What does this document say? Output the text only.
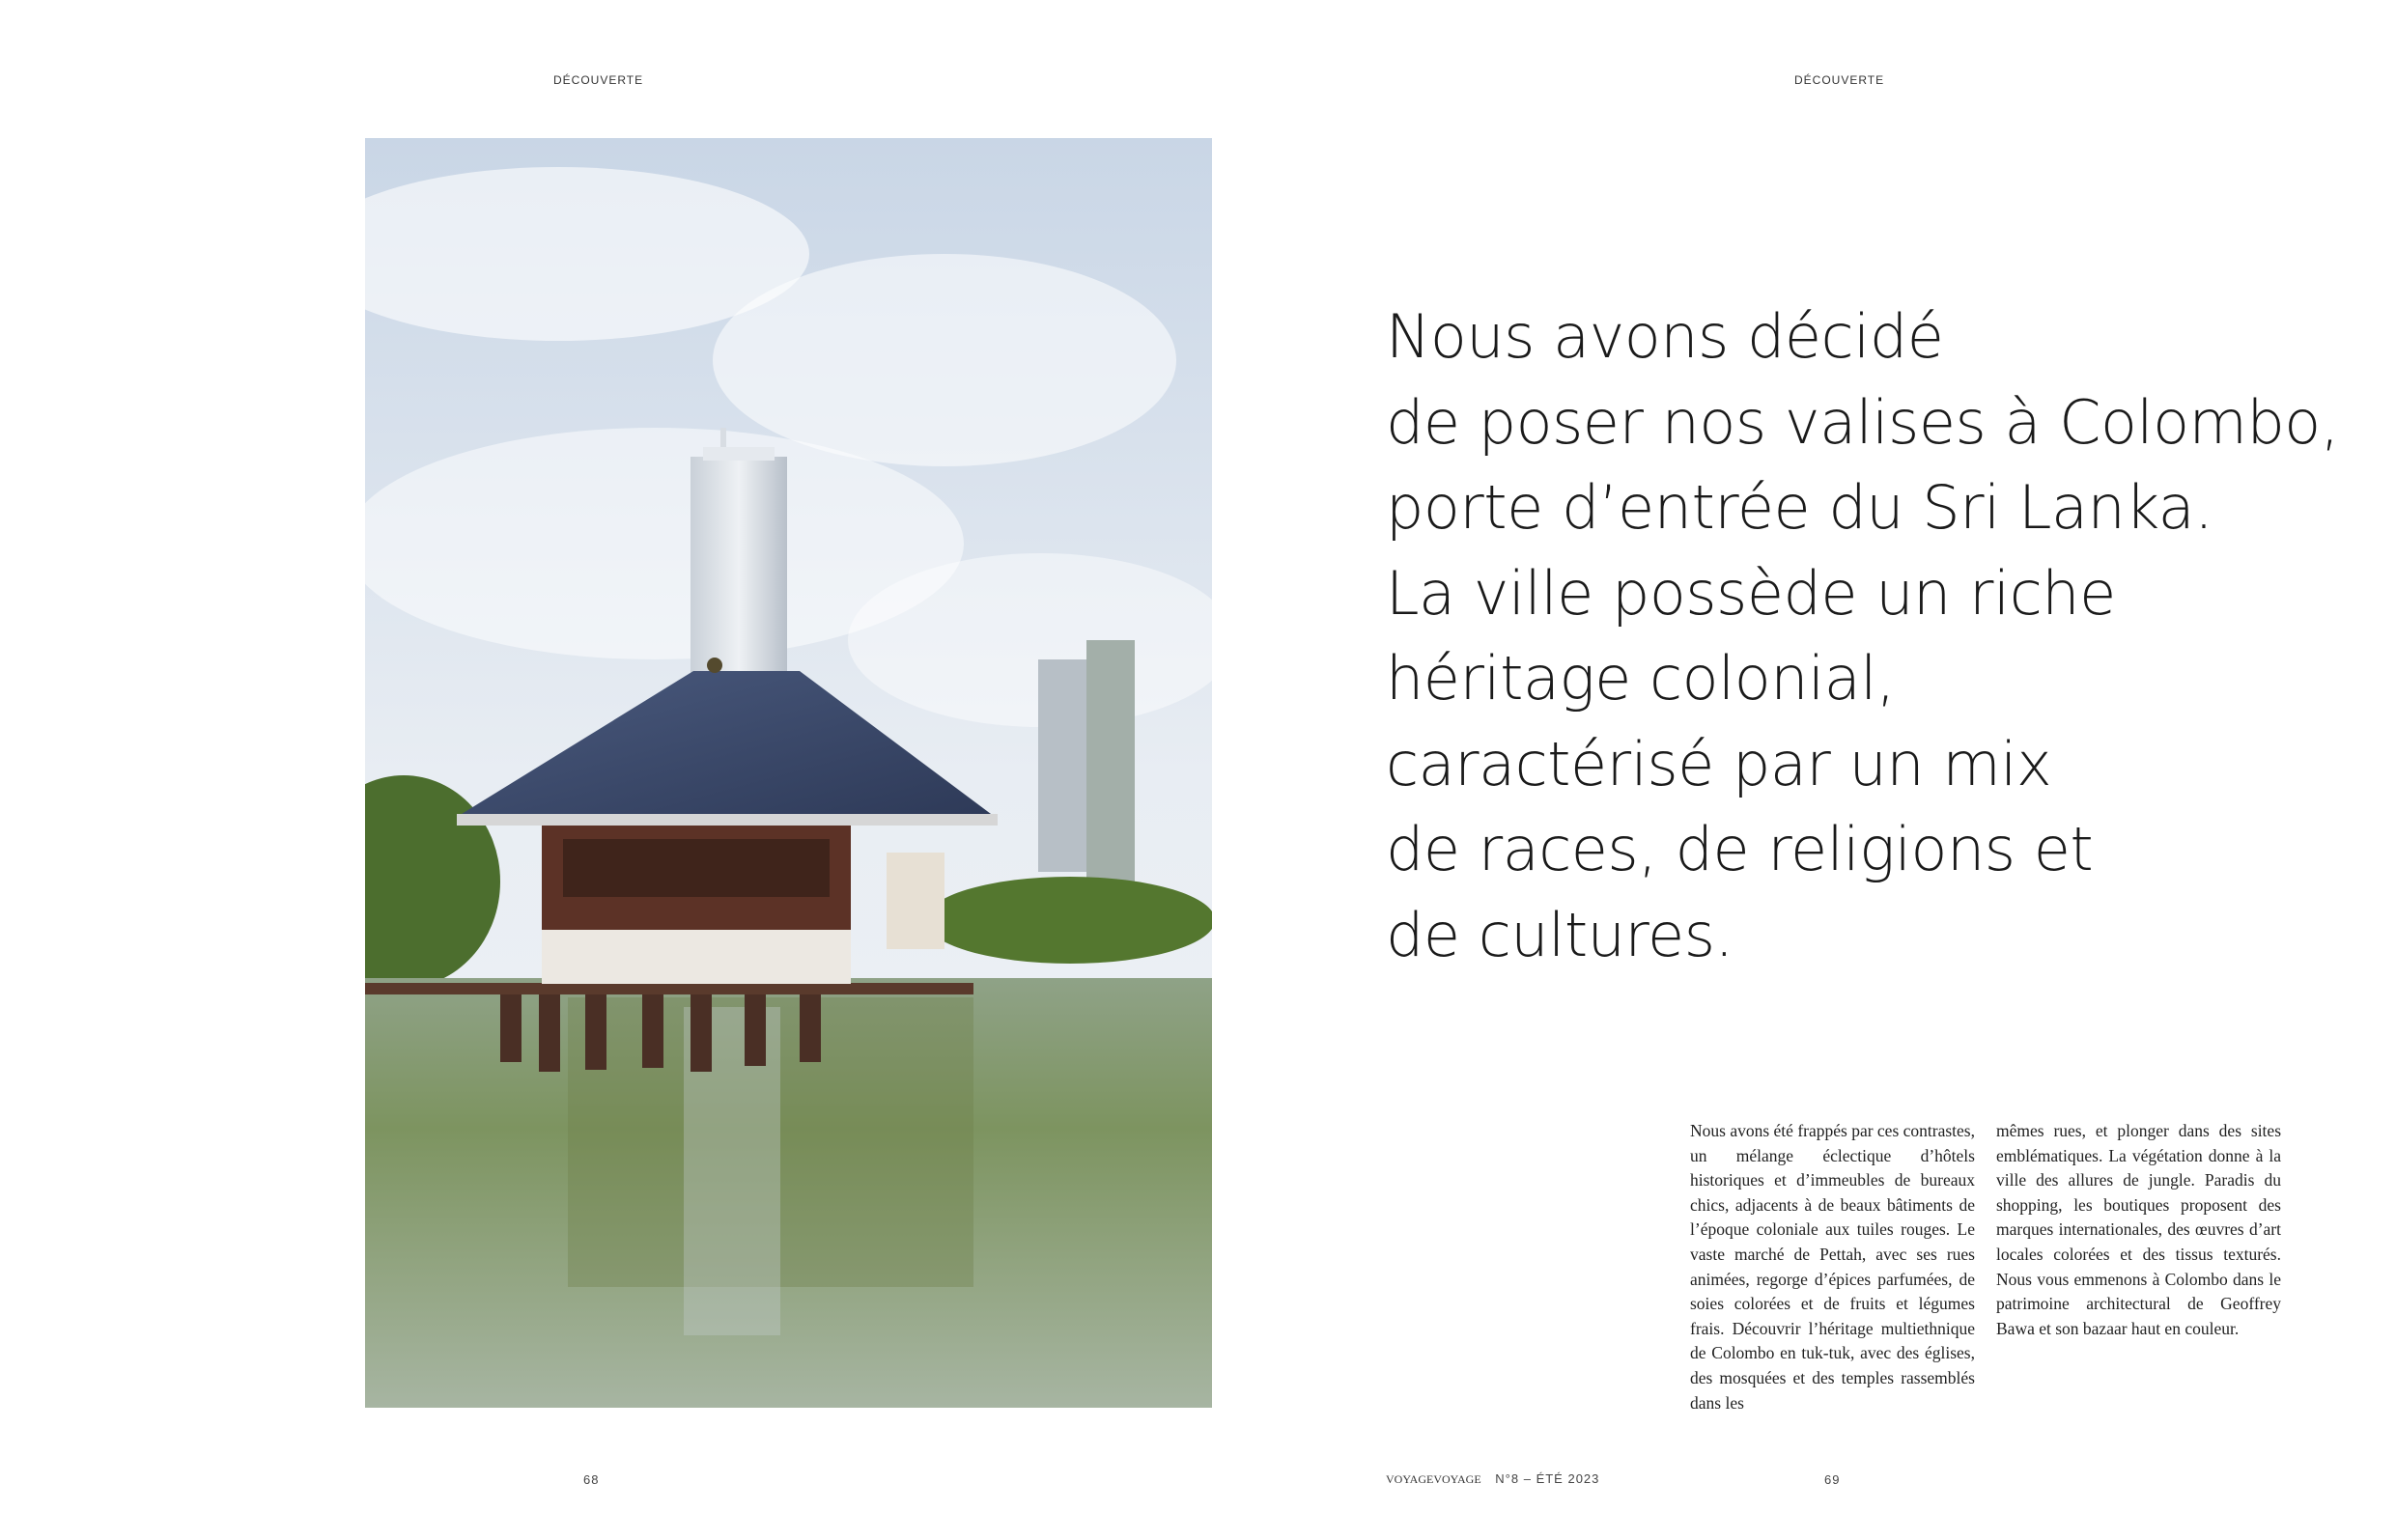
DÉCOUVERTE	DÉCOUVERTE
Nous avons décidé
de poser nos valises à Colombo,
porte d’entrée du Sri Lanka.
La ville possède un riche
héritage colonial,
caractérisé par un mix
de races, de religions et
de cultures.
Nous avons été frappés par ces contrastes, un mélange éclectique d’hôtels historiques et d’immeubles de bureaux chics, adjacents à de beaux bâtiments de l’époque coloniale aux tuiles rouges. Le vaste marché de Pettah, avec ses rues animées, regorge d’épices parfumées, de soies colorées et de fruits et légumes frais. Découvrir l’héritage multiethnique de Colombo en tuk-tuk, avec des églises, des mosquées et des temples rassemblés dans les
mêmes rues, et plonger dans des sites emblématiques. La végétation donne à la ville des allures de jungle. Paradis du shopping, les boutiques proposent des marques internationales, des œuvres d’art locales colorées et des tissus texturés. Nous vous emmenons à Colombo dans le patrimoine architectural de Geoffrey Bawa et son bazaar haut en couleur.
68	VOYAGEVOYAGE N°8 – ÉTÉ 2023	69
